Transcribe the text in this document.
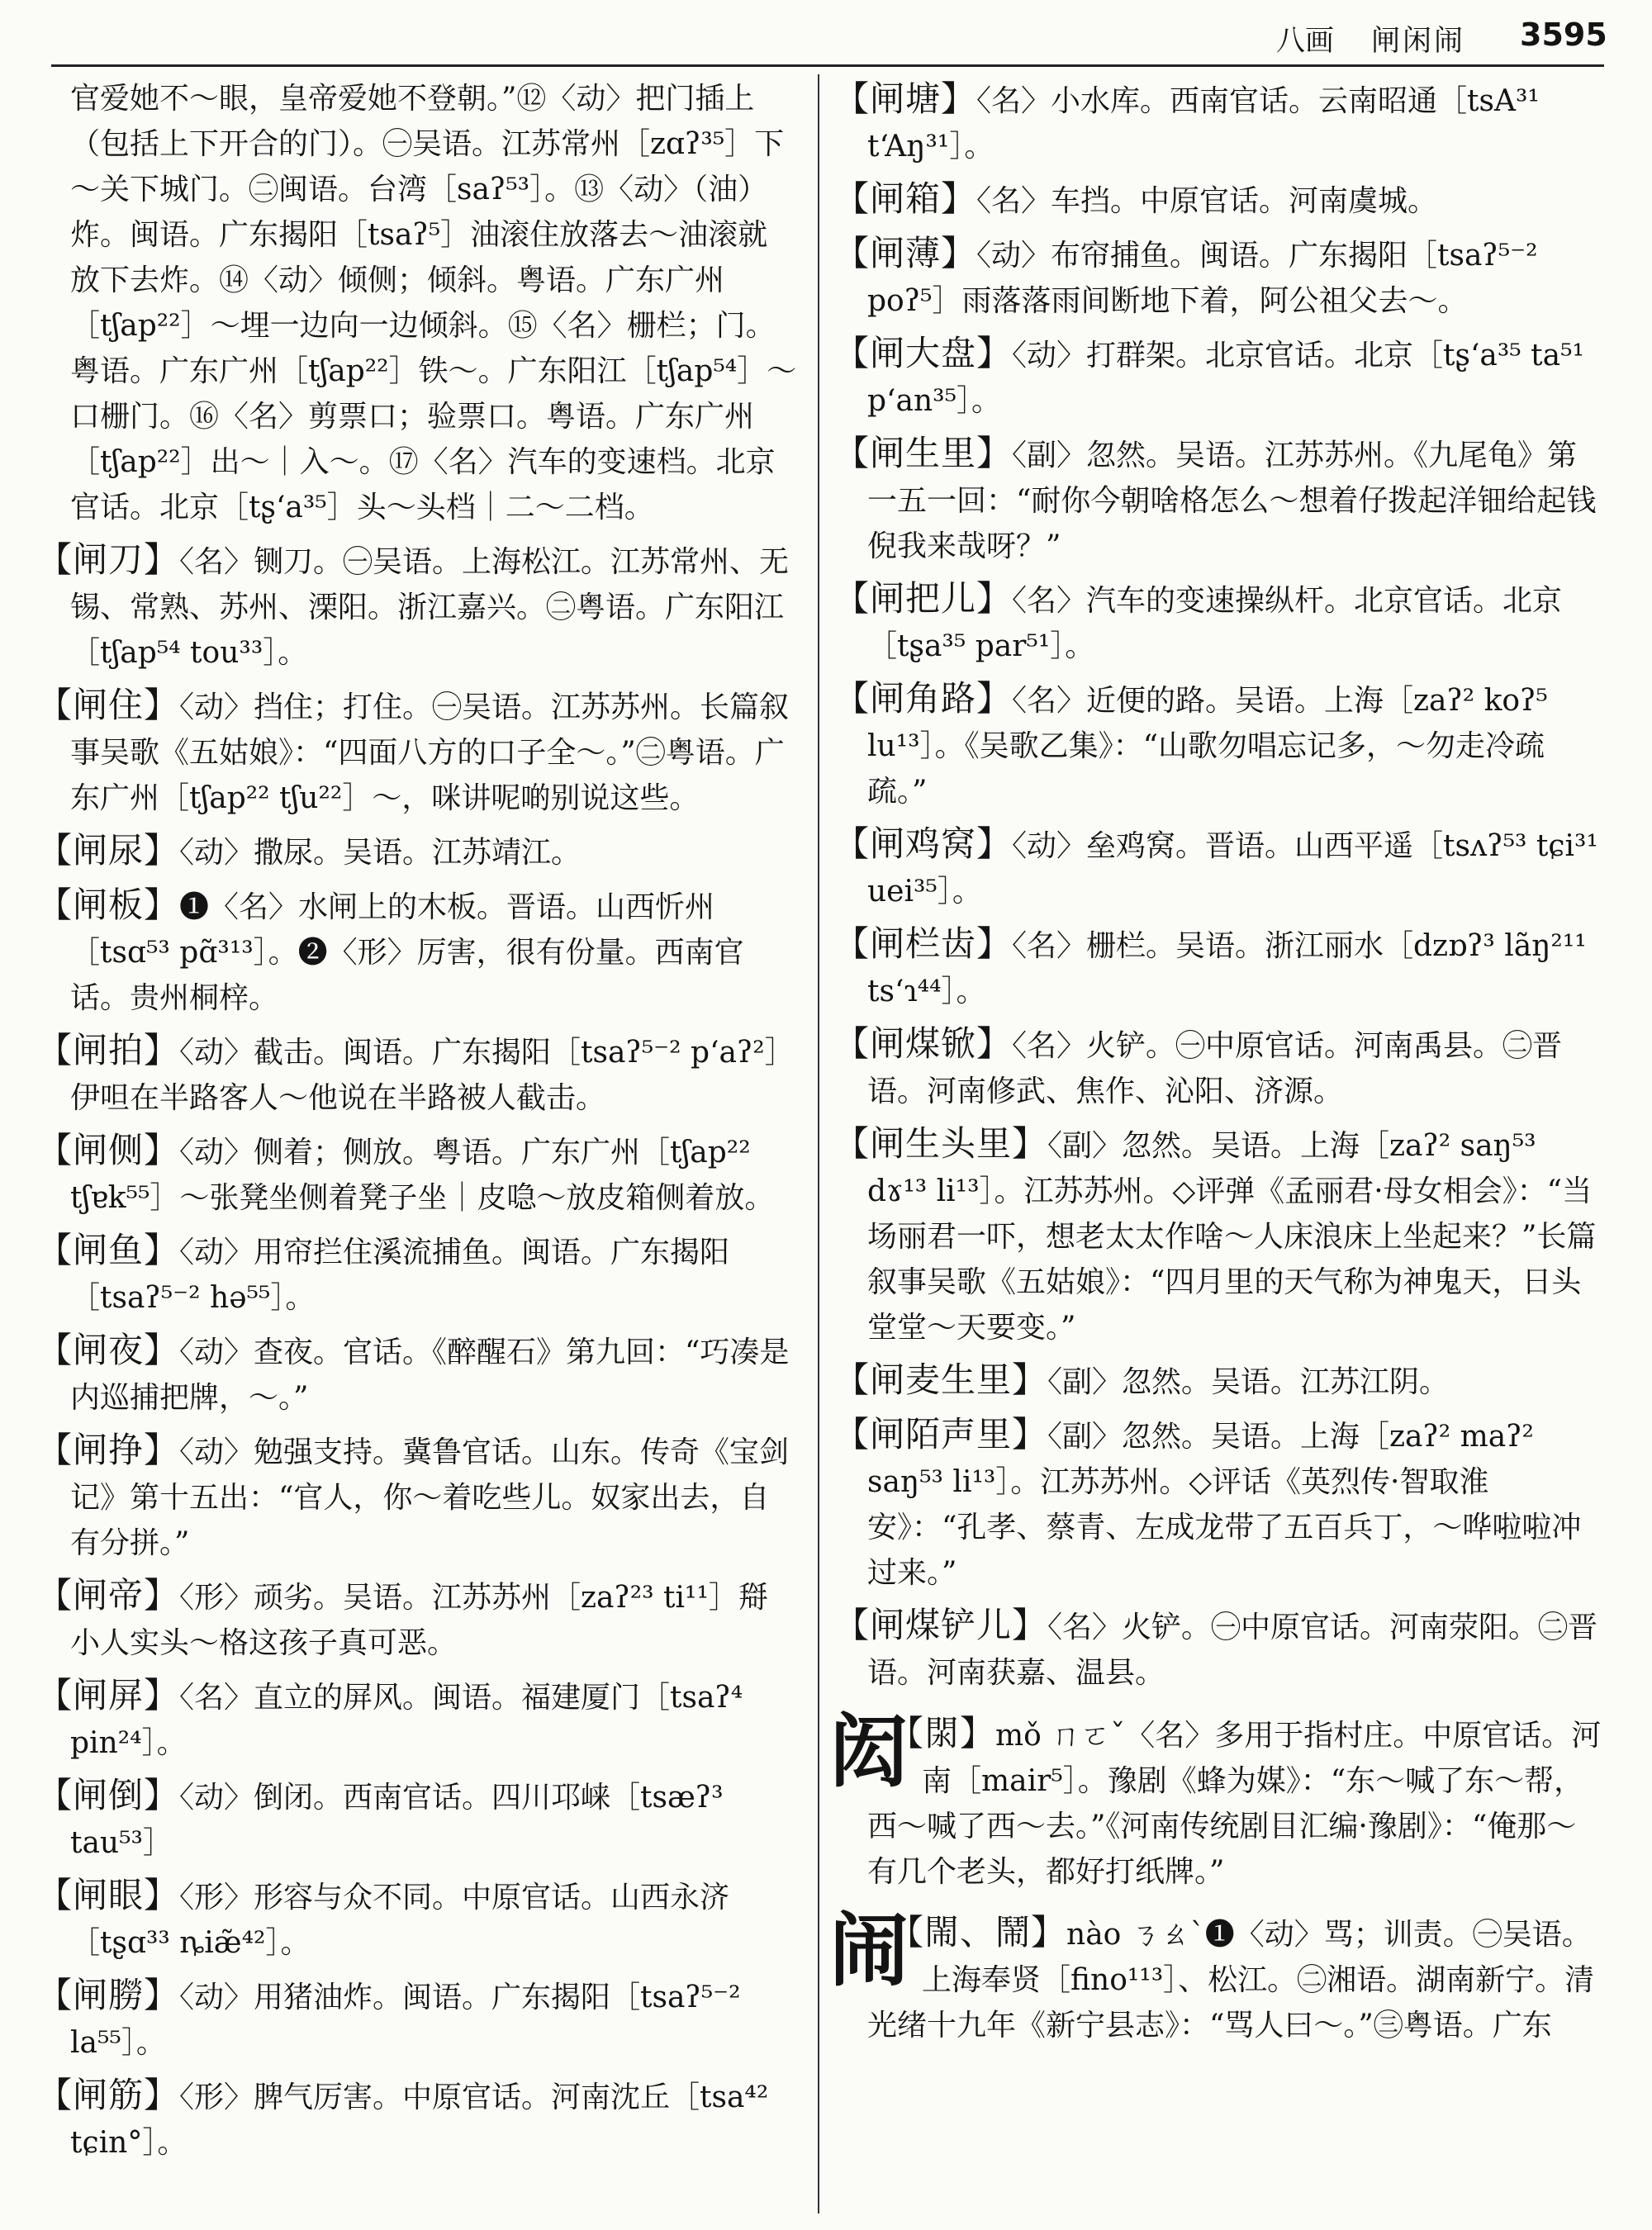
八画 闸闲闹 3595

官爱她不～眼，皇帝爱她不登朝。”⑫〈动〉把门插上（包括上下开合的门）。㊀吴语。江苏常州［zɑʔ³⁵］下～关下城门。㊁闽语。台湾［saʔ⁵³］。⑬〈动〉（油）炸。闽语。广东揭阳［tsaʔ⁵］油滚住放落去～油滚就放下去炸。⑭〈动〉倾侧；倾斜。粤语。广东广州［tʃap²²］～埋一边向一边倾斜。⑮〈名〉栅栏；门。粤语。广东广州［tʃap²²］铁～。广东阳江［tʃap⁵⁴］～口栅门。⑯〈名〉剪票口；验票口。粤语。广东广州［tʃap²²］出～｜入～。⑰〈名〉汽车的变速档。北京官话。北京［tʂ‘a³⁵］头～头档｜二～二档。

【闸刀】〈名〉铡刀。㊀吴语。上海松江。江苏常州、无锡、常熟、苏州、溧阳。浙江嘉兴。㊁粤语。广东阳江［tʃap⁵⁴ tou³³］。

【闸住】〈动〉挡住；打住。㊀吴语。江苏苏州。长篇叙事吴歌《五姑娘》：“四面八方的口子全～。”㊁粤语。广东广州［tʃap²² tʃu²²］～，咪讲呢啲别说这些。

【闸尿】〈动〉撒尿。吴语。江苏靖江。

【闸板】❶〈名〉水闸上的木板。晋语。山西忻州［tsɑ⁵³ pɑ̃³¹³］。❷〈形〉厉害，很有份量。西南官话。贵州桐梓。

【闸拍】〈动〉截击。闽语。广东揭阳［tsaʔ⁵⁻² p‘aʔ²］伊呾在半路客人～他说在半路被人截击。

【闸侧】〈动〉侧着；侧放。粤语。广东广州［tʃap²² tʃɐk⁵⁵］～张凳坐侧着凳子坐｜皮喼～放皮箱侧着放。

【闸鱼】〈动〉用帘拦住溪流捕鱼。闽语。广东揭阳［tsaʔ⁵⁻² hə⁵⁵］。

【闸夜】〈动〉查夜。官话。《醉醒石》第九回：“巧凑是内巡捕把牌，～。”

【闸挣】〈动〉勉强支持。冀鲁官话。山东。传奇《宝剑记》第十五出：“官人，你～着吃些儿。奴家出去，自有分拼。”

【闸帝】〈形〉顽劣。吴语。江苏苏州［zaʔ²³ ti¹¹］搿小人实头～格这孩子真可恶。

【闸屏】〈名〉直立的屏风。闽语。福建厦门［tsaʔ⁴ pin²⁴］。

【闸倒】〈动〉倒闭。西南官话。四川邛崃［tsæʔ³ tau⁵³］

【闸眼】〈形〉形容与众不同。中原官话。山西永济［tʂɑ³³ ȵiæ̃⁴²］。

【闸朥】〈动〉用猪油炸。闽语。广东揭阳［tsaʔ⁵⁻² la⁵⁵］。

【闸筋】〈形〉脾气厉害。中原官话。河南沈丘［tsa⁴² tɕin°］。

【闸塘】〈名〉小水库。西南官话。云南昭通［tsA³¹ t‘Aŋ³¹］。

【闸箱】〈名〉车挡。中原官话。河南虞城。

【闸薄】〈动〉布帘捕鱼。闽语。广东揭阳［tsaʔ⁵⁻² poʔ⁵］雨落落雨间断地下着，阿公祖父去～。

【闸大盘】〈动〉打群架。北京官话。北京［tʂ‘a³⁵ ta⁵¹ p‘an³⁵］。

【闸生里】〈副〉忽然。吴语。江苏苏州。《九尾龟》第一五一回：“耐你今朝啥格怎么～想着仔拨起洋钿给起钱倪我来哉呀？”

【闸把儿】〈名〉汽车的变速操纵杆。北京官话。北京［tʂa³⁵ par⁵¹］。

【闸角路】〈名〉近便的路。吴语。上海［zaʔ² koʔ⁵ lu¹³］。《吴歌乙集》：“山歌勿唱忘记多，～勿走冷疏疏。”

【闸鸡窝】〈动〉垒鸡窝。晋语。山西平遥［tsʌʔ⁵³ tɕi³¹ uei³⁵］。

【闸栏齿】〈名〉栅栏。吴语。浙江丽水［dzɒʔ³ lãŋ²¹¹ ts‘ɿ⁴⁴］。

【闸煤锨】〈名〉火铲。㊀中原官话。河南禹县。㊁晋语。河南修武、焦作、沁阳、济源。

【闸生头里】〈副〉忽然。吴语。上海［zaʔ² saŋ⁵³ dɤ¹³ li¹³］。江苏苏州。◇评弹《孟丽君·母女相会》：“当场丽君一吓，想老太太作啥～人床浪床上坐起来？”长篇叙事吴歌《五姑娘》：“四月里的天气称为神鬼天，日头堂堂～天要变。”

【闸麦生里】〈副〉忽然。吴语。江苏江阴。

【闸陌声里】〈副〉忽然。吴语。上海［zaʔ² maʔ² saŋ⁵³ li¹³］。江苏苏州。◇评话《英烈传·智取淮安》：“孔孝、蔡青、左成龙带了五百兵丁，～哗啦啦冲过来。”

【闸煤铲儿】〈名〉火铲。㊀中原官话。河南荥阳。㊁晋语。河南获嘉、温县。

闳
【閖】mǒ ㄇㄛˇ〈名〉多用于指村庄。中原官话。河南［mair⁵］。豫剧《蜂为媒》：“东～喊了东～帮，西～喊了西～去。”《河南传统剧目汇编·豫剧》：“俺那～有几个老头，都好打纸牌。”

闹
【閙、鬧】nào ㄋㄠˋ❶〈动〉骂；训责。㊀吴语。上海奉贤［fino¹¹³］、松江。㊁湘语。湖南新宁。清光绪十九年《新宁县志》：“骂人曰～。”㊂粤语。广东
